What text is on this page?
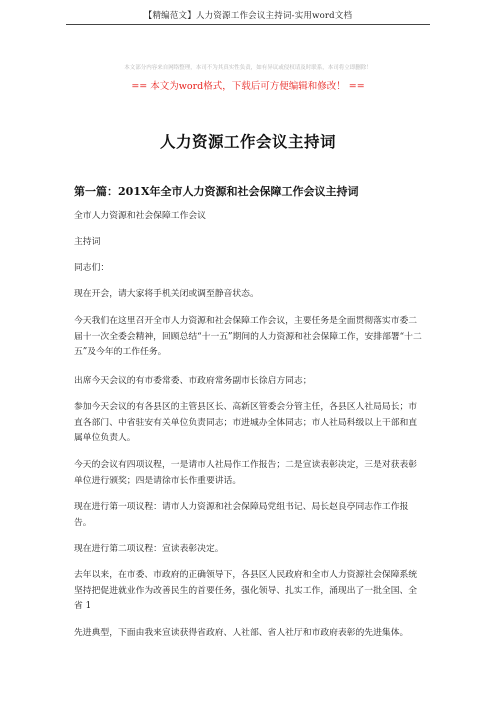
【精编范文】人力资源工作会议主持词-实用word文档
本文部分内容来自网络整理，本司不为其真实性负责，如有异议或侵权请及时联系，本司将立即删除！
== 本文为word格式，下载后可方便编辑和修改！ ==
人力资源工作会议主持词
第一篇：201X年全市人力资源和社会保障工作会议主持词

全市人力资源和社会保障工作会议

主持词

同志们：

现在开会，请大家将手机关闭或调至静音状态。

今天我们在这里召开全市人力资源和社会保障工作会议，主要任务是全面贯彻落实市委二届十一次全委会精神，回顾总结“十一五”期间的人力资源和社会保障工作，安排部署“十二五”及今年的工作任务。

出席今天会议的有市委常委、市政府常务副市长徐启方同志；

参加今天会议的有各县区的主管县区长、高新区管委会分管主任，各县区人社局局长；市直各部门、中省驻安有关单位负责同志；市进城办全体同志；市人社局科级以上干部和直属单位负责人。

今天的会议有四项议程，一是请市人社局作工作报告；二是宣读表彰决定，三是对获表彰单位进行颁奖；四是请徐市长作重要讲话。

现在进行第一项议程：请市人力资源和社会保障局党组书记、局长赵良亭同志作工作报告。

现在进行第二项议程：宣读表彰决定。

去年以来，在市委、市政府的正确领导下，各县区人民政府和全市人力资源社会保障系统坚持把促进就业作为改善民生的首要任务，强化领导、扎实工作，涌现出了一批全国、全省 1

先进典型，下面由我来宣读获得省政府、人社部、省人社厅和市政府表彰的先进集体。
